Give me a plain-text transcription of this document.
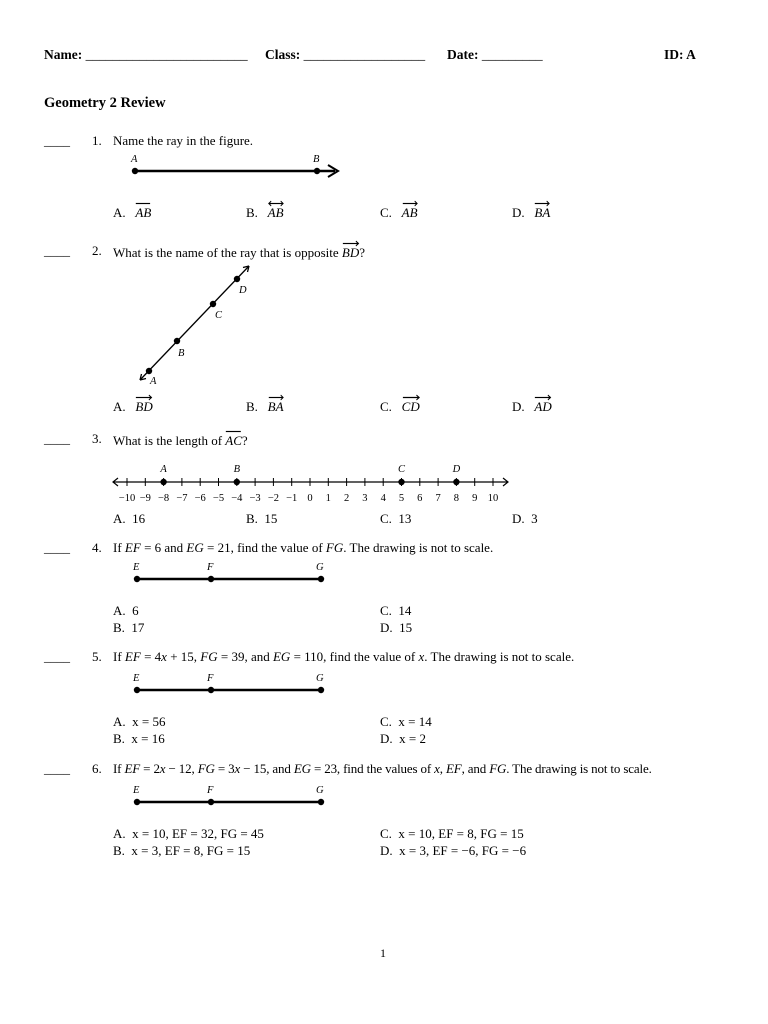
Name: ________________________ Class: __________________ Date: _________	ID: A
Geometry 2 Review
____ 1. Name the ray in the figure.
A	B
A. AB	B. AB	C. AB	D. BA
____ 2. What is the name of the ray that is opposite BD?
A
B
C
D
A. BD	B. BA	C. CD	D. AD
____ 3. What is the length of AC?
−10 −9 −8 −7 −6 −5 −4 −3 −2 −1 0 1 2 3 4 5 6 7 8 9 10
A	B	C	D
A. 16	B. 15	C. 13	D. 3
____ 4. If EF = 6 and EG = 21, find the value of FG. The drawing is not to scale.
E	F	G
A. 6
B. 17
C. 14
D. 15
____ 5. If EF = 4x + 15, FG = 39, and EG = 110, find the value of x. The drawing is not to scale.
E	F	G
A. x = 56
B. x = 16
C. x = 14
D. x = 2
____ 6. If EF = 2x − 12, FG = 3x − 15, and EG = 23, find the values of x, EF, and FG. The drawing is not to scale.
E	F	G
A. x = 10, EF = 32, FG = 45
B. x = 3, EF = 8, FG = 15
C. x = 10, EF = 8, FG = 15
D. x = 3, EF = −6, FG = −6
1
